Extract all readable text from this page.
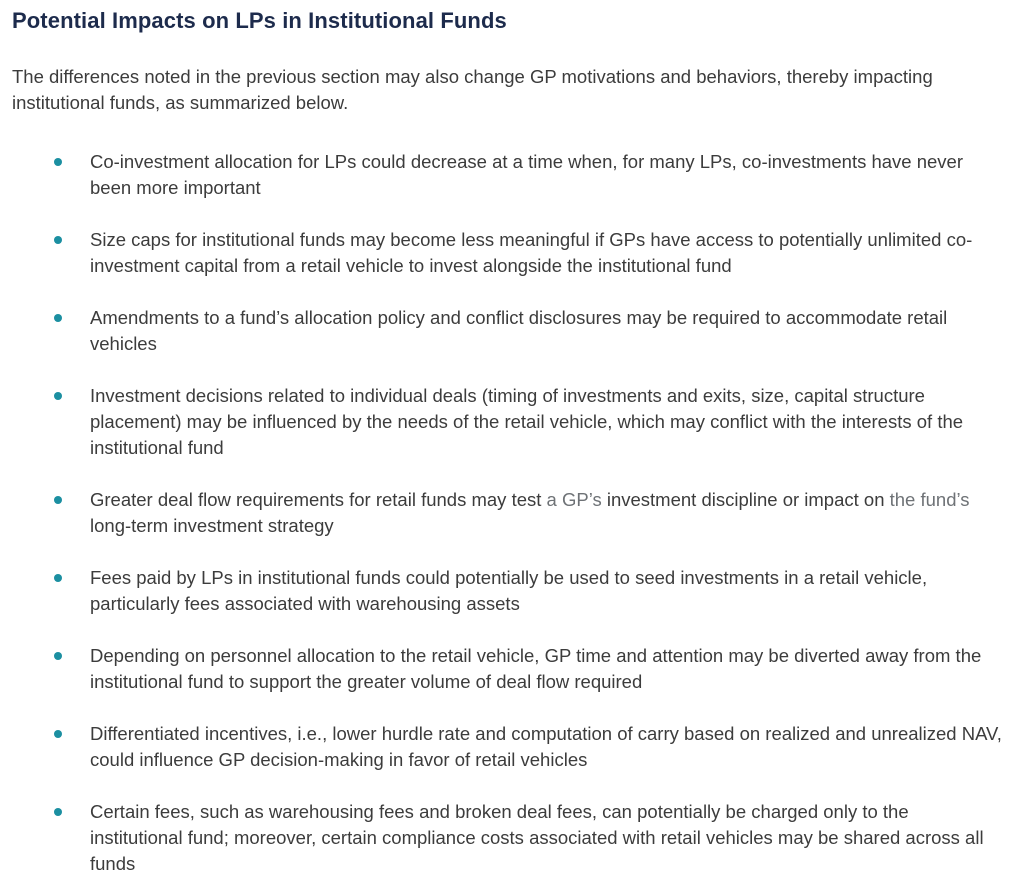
Potential Impacts on LPs in Institutional Funds

The differences noted in the previous section may also change GP motivations and behaviors, thereby impacting institutional funds, as summarized below.

Co-investment allocation for LPs could decrease at a time when, for many LPs, co-investments have never been more important
Size caps for institutional funds may become less meaningful if GPs have access to potentially unlimited co-investment capital from a retail vehicle to invest alongside the institutional fund
Amendments to a fund’s allocation policy and conflict disclosures may be required to accommodate retail vehicles
Investment decisions related to individual deals (timing of investments and exits, size, capital structure placement) may be influenced by the needs of the retail vehicle, which may conflict with the interests of the institutional fund
Greater deal flow requirements for retail funds may test a GP’s investment discipline or impact on the fund’s long-term investment strategy
Fees paid by LPs in institutional funds could potentially be used to seed investments in a retail vehicle, particularly fees associated with warehousing assets
Depending on personnel allocation to the retail vehicle, GP time and attention may be diverted away from the institutional fund to support the greater volume of deal flow required
Differentiated incentives, i.e., lower hurdle rate and computation of carry based on realized and unrealized NAV, could influence GP decision-making in favor of retail vehicles
Certain fees, such as warehousing fees and broken deal fees, can potentially be charged only to the institutional fund; moreover, certain compliance costs associated with retail vehicles may be shared across all funds
